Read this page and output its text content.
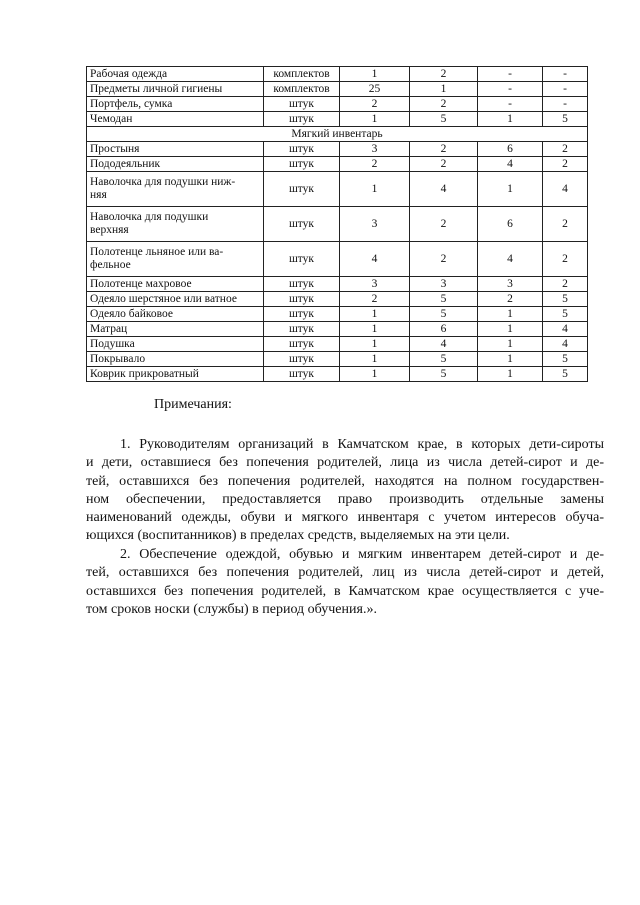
Рабочая одежда	комплектов	1	2	-	-
Предметы личной гигиены	комплектов	25	1	-	-
Портфель, сумка	штук	2	2	-	-
Чемодан	штук	1	5	1	5
Мягкий инвентарь					
Простыня	штук	3	2	6	2
Пододеяльник	штук	2	2	4	2
Наволочка для подушки ниж-
няя	штук	1	4	1	4
Наволочка для подушки
верхняя	штук	3	2	6	2
Полотенце льняное или ва-
фельное	штук	4	2	4	2
Полотенце махровое	штук	3	3	3	2
Одеяло шерстяное или ватное	штук	2	5	2	5
Одеяло байковое	штук	1	5	1	5
Матрац	штук	1	6	1	4
Подушка	штук	1	4	1	4
Покрывало	штук	1	5	1	5
Коврик прикроватный	штук	1	5	1	5
Примечания:
1. Руководителям организаций в Камчатском крае, в которых дети-сироты
и дети, оставшиеся без попечения родителей, лица из числа детей-сирот и де-
тей, оставшихся без попечения родителей, находятся на полном государствен-
ном обеспечении, предоставляется право производить отдельные замены
наименований одежды, обуви и мягкого инвентаря с учетом интересов обуча-
ющихся (воспитанников) в пределах средств, выделяемых на эти цели.
2. Обеспечение одеждой, обувью и мягким инвентарем детей-сирот и де-
тей, оставшихся без попечения родителей, лиц из числа детей-сирот и детей,
оставшихся без попечения родителей, в Камчатском крае осуществляется с уче-
том сроков носки (службы) в период обучения.».
